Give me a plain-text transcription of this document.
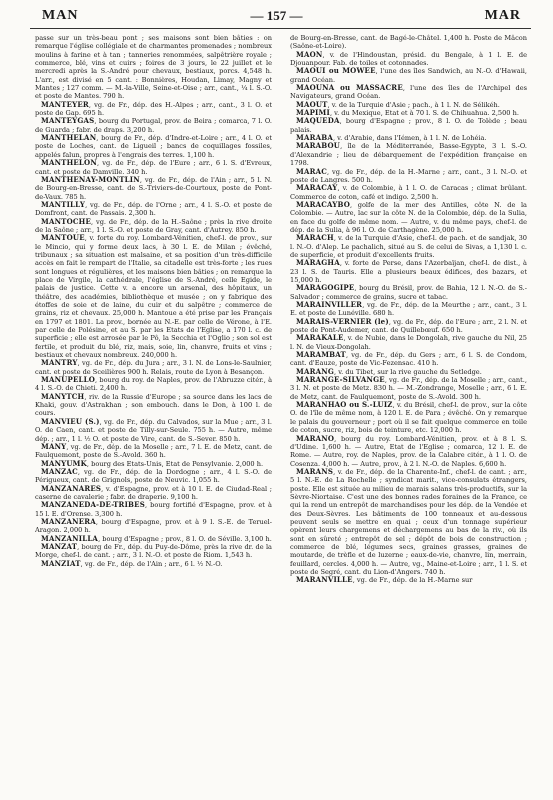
MAN	— 157 —	MAR

passe sur un très-beau pont ; ses maisons sont bien bâties : on remarque l'église collégiale et de charmantes promenades ; nombreux moulins à farine et à tan ; tanneries renommées, salpêtrière royale ; commerce, blé, vins et cuirs ; foires de 3 jours, le 22 juillet et le mercredi après la S.-André pour chevaux, bestiaux, porcs. 4,548 h. L'arr., est divisé en 5 cant. : Bonnières, Houdan, Limay, Magny et Mantes ; 127 comm. — M.-la-Ville, Seine-et-Oise ; arr., cant., ¼ l. S.-O. et poste de Mantes. 790 h.

MANTEYER, vg. de Fr., dép. des H.-Alpes ; arr., cant., 3 l. O. et poste de Gap. 695 h.

MANTEYGAS, bourg du Portugal, prov. de Beira ; comarca, 7 l. O. de Guarda ; fabr. de draps. 3,200 h.

MANTHELAN, bourg de Fr., dép. d'Indre-et-Loire ; arr., 4 l. O. et poste de Loches, cant. de Ligueil ; bancs de coquillages fossiles, appelés falun, propres à l'engrais des terres. 1,100 h.

MANTHELON, vg. de Fr., dép. de l'Eure ; arr., 6 l. S. d'Evreux, cant. et poste de Damville. 340 h.

MANTHENAY-MONTLIN, vg. de Fr., dép. de l'Ain ; arr., 5 l. N. de Bourg-en-Bresse, cant. de S.-Triviers-de-Courtoux, poste de Pont-de-Vaux. 785 h.

MANTILLY, vg. de Fr., dép. de l'Orne ; arr., 4 l. S.-O. et poste de Domfront, cant. de Passais. 2,300 h.

MANTOCHE, vg. de Fr., dép. de la H.-Saône ; près la rive droite de la Saône ; arr., 1 l. S.-O. et poste de Gray, cant. d'Autrey. 850 h.

MANTOUE, v. forte du roy. Lombard-Vénitien, chef-l. de prov., sur le Mincio, qui y forme deux lacs, à 30 l. E. de Milan ; évêché, tribunaux ; sa situation est malsaine, et sa position d'un très-difficile accès en fait le rempart de l'Italie, sa citadelle est très-forte ; les rues sont longues et régulières, et les maisons bien bâties ; on remarque la place de Virgile, la cathédrale, l'église de S.-André, celle Egide, le palais de justice. Cette v. a encore un arsenal, des hôpitaux, un théâtre, des académies, bibliothèque et musée ; on y fabrique des étoffes de soie et de laine, du cuir et du salpêtre ; commerce de grains, riz et chevaux. 25,000 h. Mantoue a été prise par les Français en 1797 et 1801. La prov., bornée au N.-E. par celle de Vérone, à l'E. par celle de Polésine, et au S. par les Etats de l'Eglise, a 170 l. c. de superficie ; elle est arrosée par le Pô, la Secchia et l'Oglio ; son sol est fertile, et produit du blé, riz, mais, soie, lin, chanvre, fruits et vins ; bestiaux et chevaux nombreux. 240,000 h.

MANTRY, vg. de Fr., dép. du Jura ; arr., 3 l. N. de Lons-le-Saulnier, cant. et poste de Sceilières 900 h. Relais, route de Lyon à Besançon.

MANUPELLO, bourg du roy. de Naples, prov. de l'Abruzze citér., à 4 l. S.-O. de Chieti. 2,400 h.

MANYTCH, riv. de la Russie d'Europe ; sa source dans les lacs de Khaki, gouv. d'Astrakhan ; son embouch. dans le Don, à 100 l. de cours.

MANVIEU (S.), vg. de Fr., dép. du Calvados, sur la Mue ; arr., 3 l. O. de Caen, cant. et poste de Tilly-sur-Seule. 755 h. — Autre, même dép. ; arr., 1 l. ½ O. et poste de Vire, cant. de S.-Sever. 850 h.

MANY, vg. de Fr., dép. de la Moselle ; arr., 7 l. E. de Metz, cant. de Faulquemont, poste de S.-Avold. 360 h.

MANYUMK, bourg des Etats-Unis, Etat de Pensylvanie. 2,000 h.

MANZAC, vg. de Fr., dép. de la Dordogne ; arr., 4 l. S.-O. de Périgueux, cant. de Grignols, poste de Neuvic. 1,055 h.

MANZANARES, v. d'Espagne, prov. et à 10 l. E. de Ciudad-Real ; caserne de cavalerie ; fabr. de draperie. 9,100 h.

MANZANEDA-DE-TRIBES, bourg fortifié d'Espagne, prov. et à 15 l. E. d'Orense. 3,300 h.

MANZANERA, bourg d'Espagne, prov. et à 9 l. S.-E. de Teruel-Aragon. 2,000 h.

MANZANILLA, bourg d'Espagne ; prov., 8 l. O. de Séville. 3,100 h.

MANZAT, bourg de Fr., dép. du Puy-de-Dôme, près la rive dr. de la Morge, chef-l. de cant. ; arr., 3 l. N.-O. et poste de Riom. 1,543 h.

MANZIAT, vg. de Fr., dép. de l'Ain ; arr., 6 l. ½ N.-O.

de Bourg-en-Bresse, cant. de Bagé-le-Châtel. 1,400 h. Poste de Mâcon (Saône-et-Loire).

MAON, v. de l'Hindoustan, présid. du Bengale, à 1 l. E. de Djouanpour. Fab. de toiles et cotonnades.

MAOUI ou MOWEE, l'une des îles Sandwich, au N.-O. d'Hawaii, grand Océan.

MAOUNA ou MASSACRE, l'une des îles de l'Archipel des Navigateurs, grand Océan.

MAOUT, v. de la Turquie d'Asie ; pach., à 1 l. N. de Sélikéh.

MAPIMI, v. du Mexique, Etat et à 70 l. S. de Chihuahua. 2,500 h.

MAQUEDA, bourg d'Espagne ; prov., 8 l. O. de Tolède ; beau palais.

MARABA, v. d'Arabie, dans l'Iémen, à 1 l. N. de Lohéia.

MARABOU, île de la Méditerranée, Basse-Egypte, 3 l. S.-O. d'Alexandrie ; lieu de débarquement de l'expédition française en 1798.

MARAC, vg. de Fr., dép. de la H.-Marne ; arr., cant., 3 l. N.-O. et poste de Langres. 500 h.

MARACAY, v. de Colombie, à 1 l. O. de Caracas ; climat brûlant. Commerce de coton, café et indigo. 2,500 h.

MARACAYBO, golfe de la mer des Antilles, côte N. de la Colombie. — Autre, lac sur la côte N. de la Colombie, dép. de la Sulia, en face du golfe de même nom. — Autre, v. du même pays, chef-l. de dép. de la Sulia, à 96 l. O. de Carthagène. 25,000 h.

MARACH, v. de la Turquie d'Asie, chef-l. de pach. et de sandjak, 30 l. N.-O. d'Alep. Le pachalich, situé au S. de celui de Sivas, a 1,130 l. c. de superficie, et produit d'excellents fruits.

MARAGHA, v. forte de Perse, dans l'Azerbaïjan, chef-l. de dist., à 23 l. S. de Tauris. Elle a plusieurs beaux édifices, des bazars, et 15,000 h.

MARAGOGIPE, bourg du Brésil, prov. de Bahia, 12 l. N.-O. de S.-Salvador ; commerce de grains, sucre et tabac.

MARAINVILLER, vg. de Fr., dép. de la Meurthe ; arr., cant., 3 l. E. et poste de Lunéville. 680 h.

MARAIS-VERNIER (le), vg. de Fr., dép. de l'Eure ; arr., 2 l. N. et poste de Pont-Audemer, cant. de Quillebœuf. 650 h.

MARAKALE, v. de Nubie, dans le Dongolah, rive gauche du Nil, 25 l. N. de Vieux-Dongolah.

MARAMBAT, vg. de Fr., dép. du Gers ; arr., 6 l. S. de Condom, cant. d'Eauze, poste de Vic-Fezensac. 410 h.

MARANG, v. du Tibet, sur la rive gauche du Setledge.

MARANGE-SILVANGE, vg. de Fr., dép. de la Moselle ; arr., cant., 3 l. N. et poste de Metz. 830 h. — M.-Zondrange, Moselle ; arr., 6 l. E. de Metz, cant. de Faulquemont, poste de S.-Avold. 300 h.

MARANHAO ou S.-LUIZ, v. du Brésil, chef-l. de prov., sur la côte O. de l'île de même nom, à 120 l. E. de Para ; évêché. On y remarque le palais du gouverneur ; port où il se fait quelque commerce en toile de coton, sucre, riz, bois de teinture, etc. 12,000 h.

MARANO, bourg du roy. Lombard-Vénitien, prov. et à 8 l. S. d'Udine. 1,600 h. — Autre, Etat de l'Eglise ; comarca, 12 l. E. de Rome. — Autre, roy. de Naples, prov. de la Calabre citér., à 1 l. O. de Cosenza. 4,000 h. — Autre, prov., à 2 l. N.-O. de Naples. 6,600 h.

MARANS, v. de Fr., dép. de la Charente-Inf., chef-l. de cant. ; arr., 5 l. N.-E. de La Rochelle ; syndicat marit., vice-consulats étrangers, poste. Elle est située au milieu de marais salans très-productifs, sur la Sèvre-Niortaise. C'est une des bonnes rades foraines de la France, ce qui la rend un entrepôt de marchandises pour les dép. de la Vendée et des Deux-Sèvres. Les bâtiments de 100 tonneaux et au-dessous peuvent seuls se mettre en quai ; ceux d'un tonnage supérieur opèrent leurs chargemens et déchargemens au bas de la riv., où ils sont en sûreté ; entrepôt de sel ; dépôt de bois de construction ; commerce de blé, légumes secs, graines grasses, graines de moutarde, de trèfle et de luzerne ; eaux-de-vie, chanvre, lin, merrain, feuillard, cercles. 4,000 h. — Autre, vg., Maine-et-Loire ; arr., 1 l. S. et poste de Segré, cant. du Lion-d'Angers. 740 h.

MARANVILLE, vg. de Fr., dép. de la H.-Marne sur
